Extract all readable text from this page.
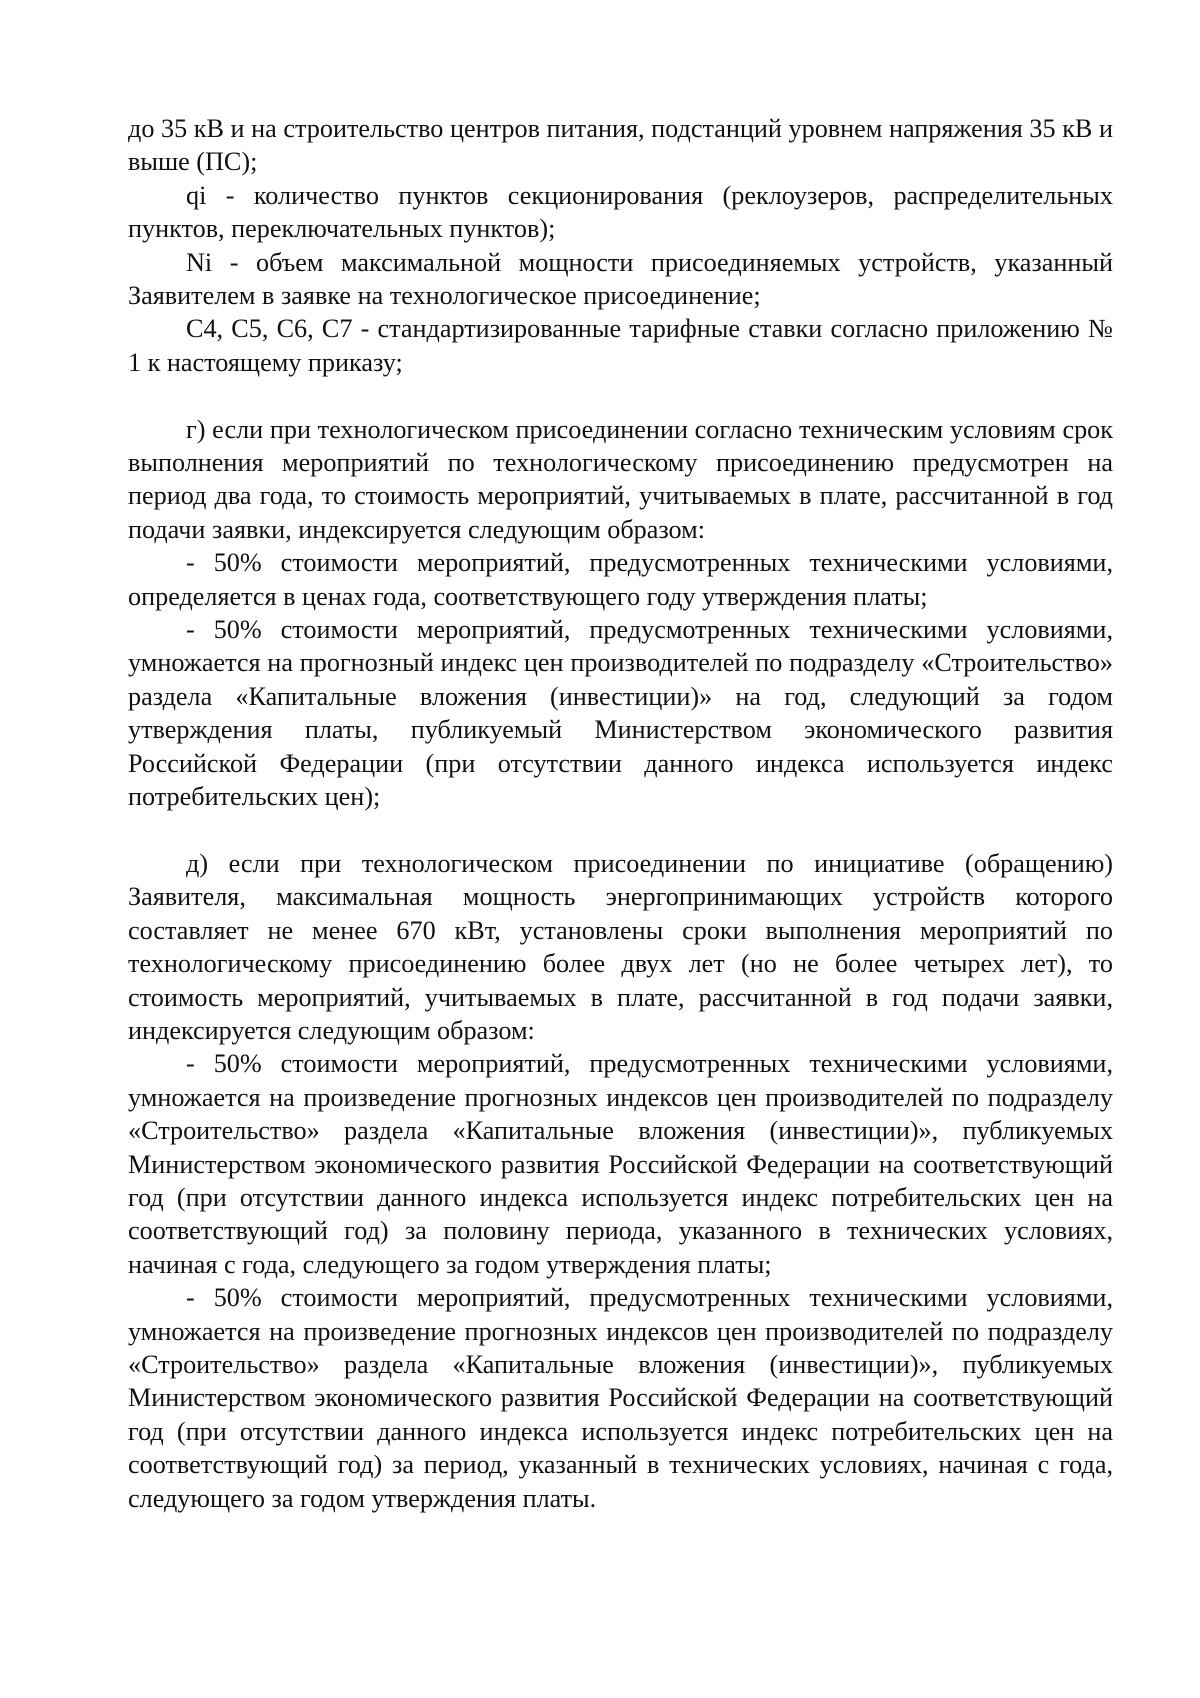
до 35 кВ и на строительство центров питания, подстанций уровнем напряжения 35 кВ и выше (ПС);

qi - количество пунктов секционирования (реклоузеров, распределительных пунктов, переключательных пунктов);

Ni - объем максимальной мощности присоединяемых устройств, указанный Заявителем в заявке на технологическое присоединение;

С4, С5, С6, С7 - стандартизированные тарифные ставки согласно приложению № 1 к настоящему приказу;

г) если при технологическом присоединении согласно техническим условиям срок выполнения мероприятий по технологическому присоединению предусмотрен на период два года, то стоимость мероприятий, учитываемых в плате, рассчитанной в год подачи заявки, индексируется следующим образом:

- 50% стоимости мероприятий, предусмотренных техническими условиями, определяется в ценах года, соответствующего году утверждения платы;

- 50% стоимости мероприятий, предусмотренных техническими условиями, умножается на прогнозный индекс цен производителей по подразделу «Строительство» раздела «Капитальные вложения (инвестиции)» на год, следующий за годом утверждения платы, публикуемый Министерством экономического развития Российской Федерации (при отсутствии данного индекса используется индекс потребительских цен);

д) если при технологическом присоединении по инициативе (обращению) Заявителя, максимальная мощность энергопринимающих устройств которого составляет не менее 670 кВт, установлены сроки выполнения мероприятий по технологическому присоединению более двух лет (но не более четырех лет), то стоимость мероприятий, учитываемых в плате, рассчитанной в год подачи заявки, индексируется следующим образом:

- 50% стоимости мероприятий, предусмотренных техническими условиями, умножается на произведение прогнозных индексов цен производителей по подразделу «Строительство» раздела «Капитальные вложения (инвестиции)», публикуемых Министерством экономического развития Российской Федерации на соответствующий год (при отсутствии данного индекса используется индекс потребительских цен на соответствующий год) за половину периода, указанного в технических условиях, начиная с года, следующего за годом утверждения платы;

- 50% стоимости мероприятий, предусмотренных техническими условиями, умножается на произведение прогнозных индексов цен производителей по подразделу «Строительство» раздела «Капитальные вложения (инвестиции)», публикуемых Министерством экономического развития Российской Федерации на соответствующий год (при отсутствии данного индекса используется индекс потребительских цен на соответствующий год) за период, указанный в технических условиях, начиная с года, следующего за годом утверждения платы.
